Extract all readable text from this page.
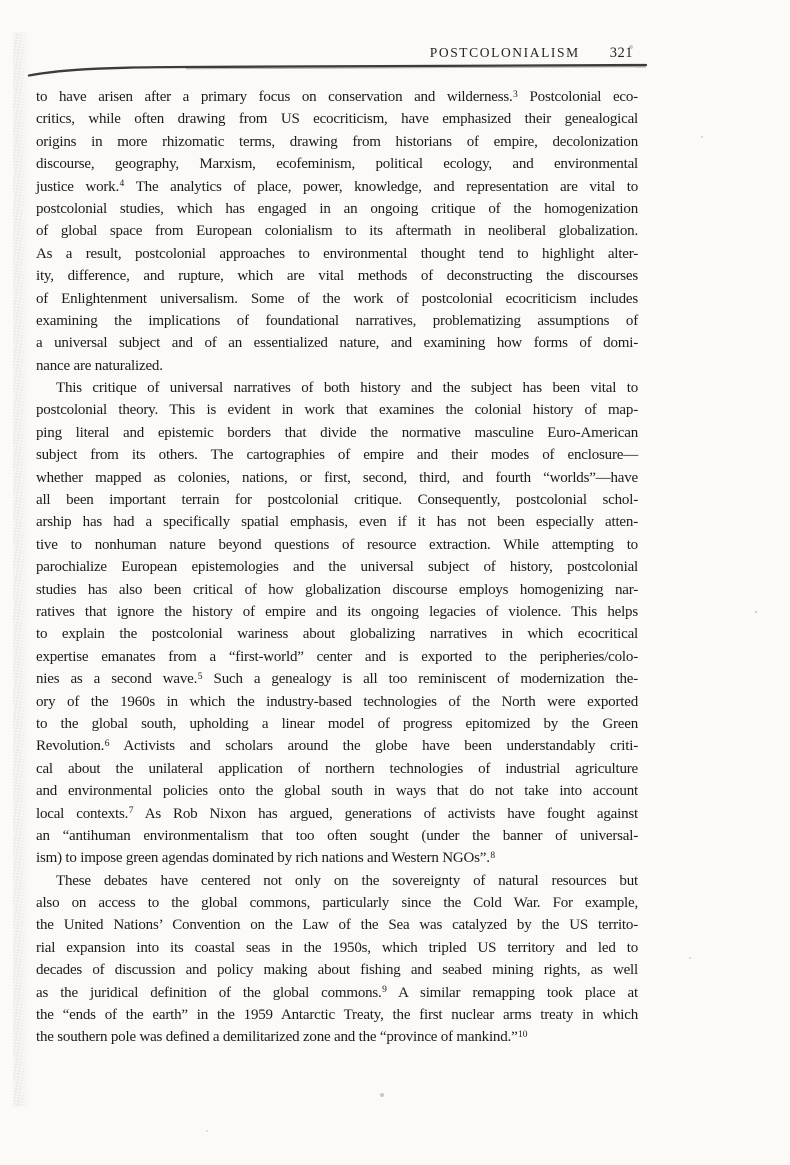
POSTCOLONIALISM 321
to have arisen after a primary focus on conservation and wilderness.$^3$ Postcolonial eco-
critics, while often drawing from US ecocriticism, have emphasized their genealogical
origins in more rhizomatic terms, drawing from historians of empire, decolonization
discourse, geography, Marxism, ecofeminism, political ecology, and environmental
justice work.$^4$ The analytics of place, power, knowledge, and representation are vital to
postcolonial studies, which has engaged in an ongoing critique of the homogenization
of global space from European colonialism to its aftermath in neoliberal globalization.
As a result, postcolonial approaches to environmental thought tend to highlight alter-
ity, difference, and rupture, which are vital methods of deconstructing the discourses
of Enlightenment universalism. Some of the work of postcolonial ecocriticism includes
examining the implications of foundational narratives, problematizing assumptions of
a universal subject and of an essentialized nature, and examining how forms of domi-
nance are naturalized.
This critique of universal narratives of both history and the subject has been vital to
postcolonial theory. This is evident in work that examines the colonial history of map-
ping literal and epistemic borders that divide the normative masculine Euro-American
subject from its others. The cartographies of empire and their modes of enclosure—
whether mapped as colonies, nations, or first, second, third, and fourth “worlds”—have
all been important terrain for postcolonial critique. Consequently, postcolonial schol-
arship has had a specifically spatial emphasis, even if it has not been especially atten-
tive to nonhuman nature beyond questions of resource extraction. While attempting to
parochialize European epistemologies and the universal subject of history, postcolonial
studies has also been critical of how globalization discourse employs homogenizing nar-
ratives that ignore the history of empire and its ongoing legacies of violence. This helps
to explain the postcolonial wariness about globalizing narratives in which ecocritical
expertise emanates from a “first-world” center and is exported to the peripheries/colo-
nies as a second wave.$^5$ Such a genealogy is all too reminiscent of modernization the-
ory of the 1960s in which the industry-based technologies of the North were exported
to the global south, upholding a linear model of progress epitomized by the Green
Revolution.$^6$ Activists and scholars around the globe have been understandably criti-
cal about the unilateral application of northern technologies of industrial agriculture
and environmental policies onto the global south in ways that do not take into account
local contexts.$^7$ As Rob Nixon has argued, generations of activists have fought against
an “antihuman environmentalism that too often sought (under the banner of universal-
ism) to impose green agendas dominated by rich nations and Western NGOs”.$^8$
These debates have centered not only on the sovereignty of natural resources but
also on access to the global commons, particularly since the Cold War. For example,
the United Nations’ Convention on the Law of the Sea was catalyzed by the US territo-
rial expansion into its coastal seas in the 1950s, which tripled US territory and led to
decades of discussion and policy making about fishing and seabed mining rights, as well
as the juridical definition of the global commons.$^9$ A similar remapping took place at
the “ends of the earth” in the 1959 Antarctic Treaty, the first nuclear arms treaty in which
the southern pole was defined a demilitarized zone and the “province of mankind.”$^{10}$
